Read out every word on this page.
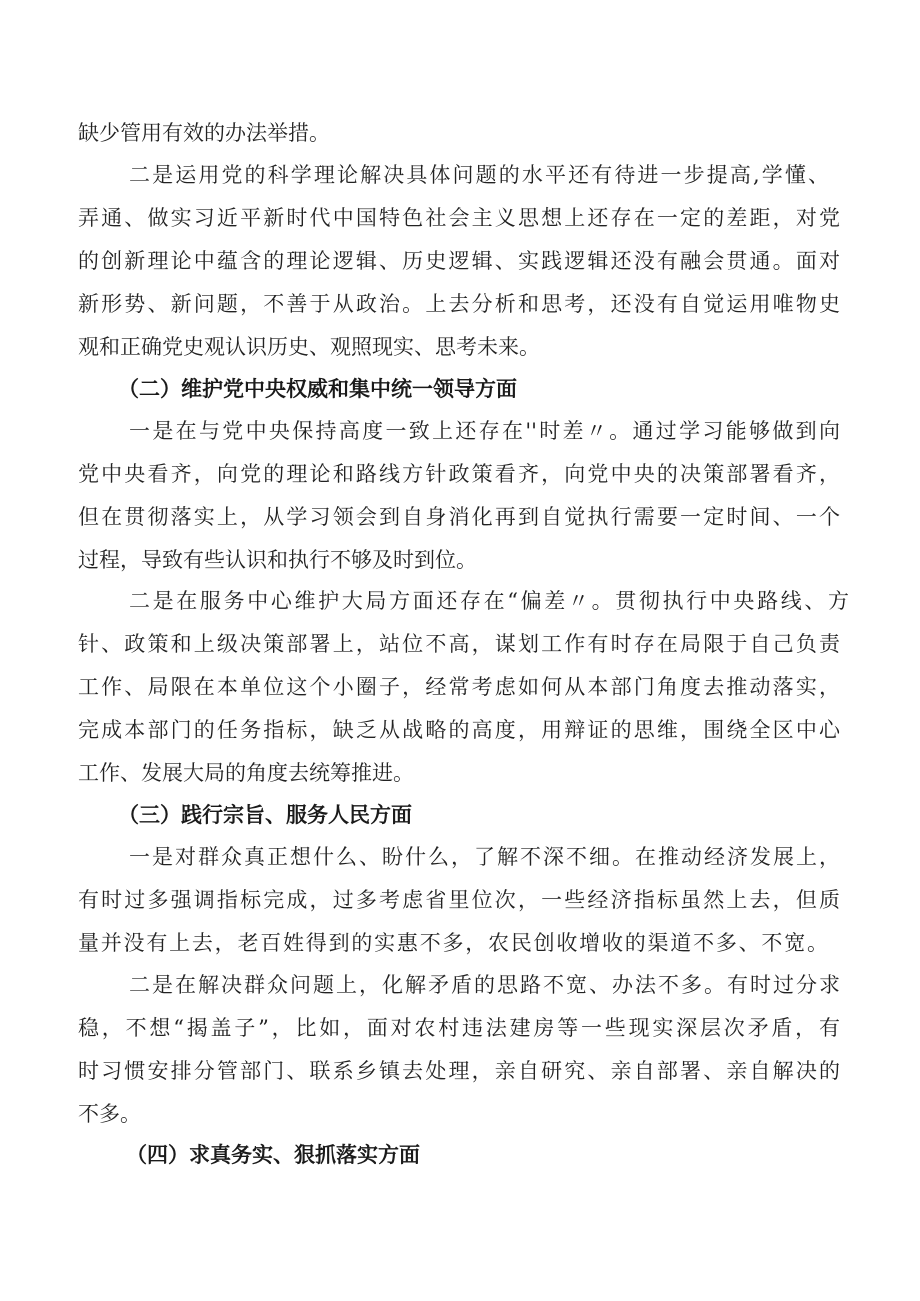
缺少管用有效的办法举措。
二是运用党的科学理论解决具体问题的水平还有待进一步提高,学懂、
弄通、做实习近平新时代中国特色社会主义思想上还存在一定的差距，对党
的创新理论中蕴含的理论逻辑、历史逻辑、实践逻辑还没有融会贯通。面对
新形势、新问题，不善于从政治。上去分析和思考，还没有自觉运用唯物史
观和正确党史观认识历史、观照现实、思考未来。
（二）维护党中央权威和集中统一领导方面
一是在与党中央保持高度一致上还存在''时差〃。通过学习能够做到向
党中央看齐，向党的理论和路线方针政策看齐，向党中央的决策部署看齐，
但在贯彻落实上，从学习领会到自身消化再到自觉执行需要一定时间、一个
过程，导致有些认识和执行不够及时到位。
二是在服务中心维护大局方面还存在“偏差〃。贯彻执行中央路线、方
针、政策和上级决策部署上，站位不高，谋划工作有时存在局限于自己负责
工作、局限在本单位这个小圈子，经常考虑如何从本部门角度去推动落实，
完成本部门的任务指标，缺乏从战略的高度，用辩证的思维，围绕全区中心
工作、发展大局的角度去统筹推进。
（三）践行宗旨、服务人民方面
一是对群众真正想什么、盼什么，了解不深不细。在推动经济发展上，
有时过多强调指标完成，过多考虑省里位次，一些经济指标虽然上去，但质
量并没有上去，老百姓得到的实惠不多，农民创收增收的渠道不多、不宽。
二是在解决群众问题上，化解矛盾的思路不宽、办法不多。有时过分求
稳，不想“揭盖子”，比如，面对农村违法建房等一些现实深层次矛盾，有
时习惯安排分管部门、联系乡镇去处理，亲自研究、亲自部署、亲自解决的
不多。
（四）求真务实、狠抓落实方面
